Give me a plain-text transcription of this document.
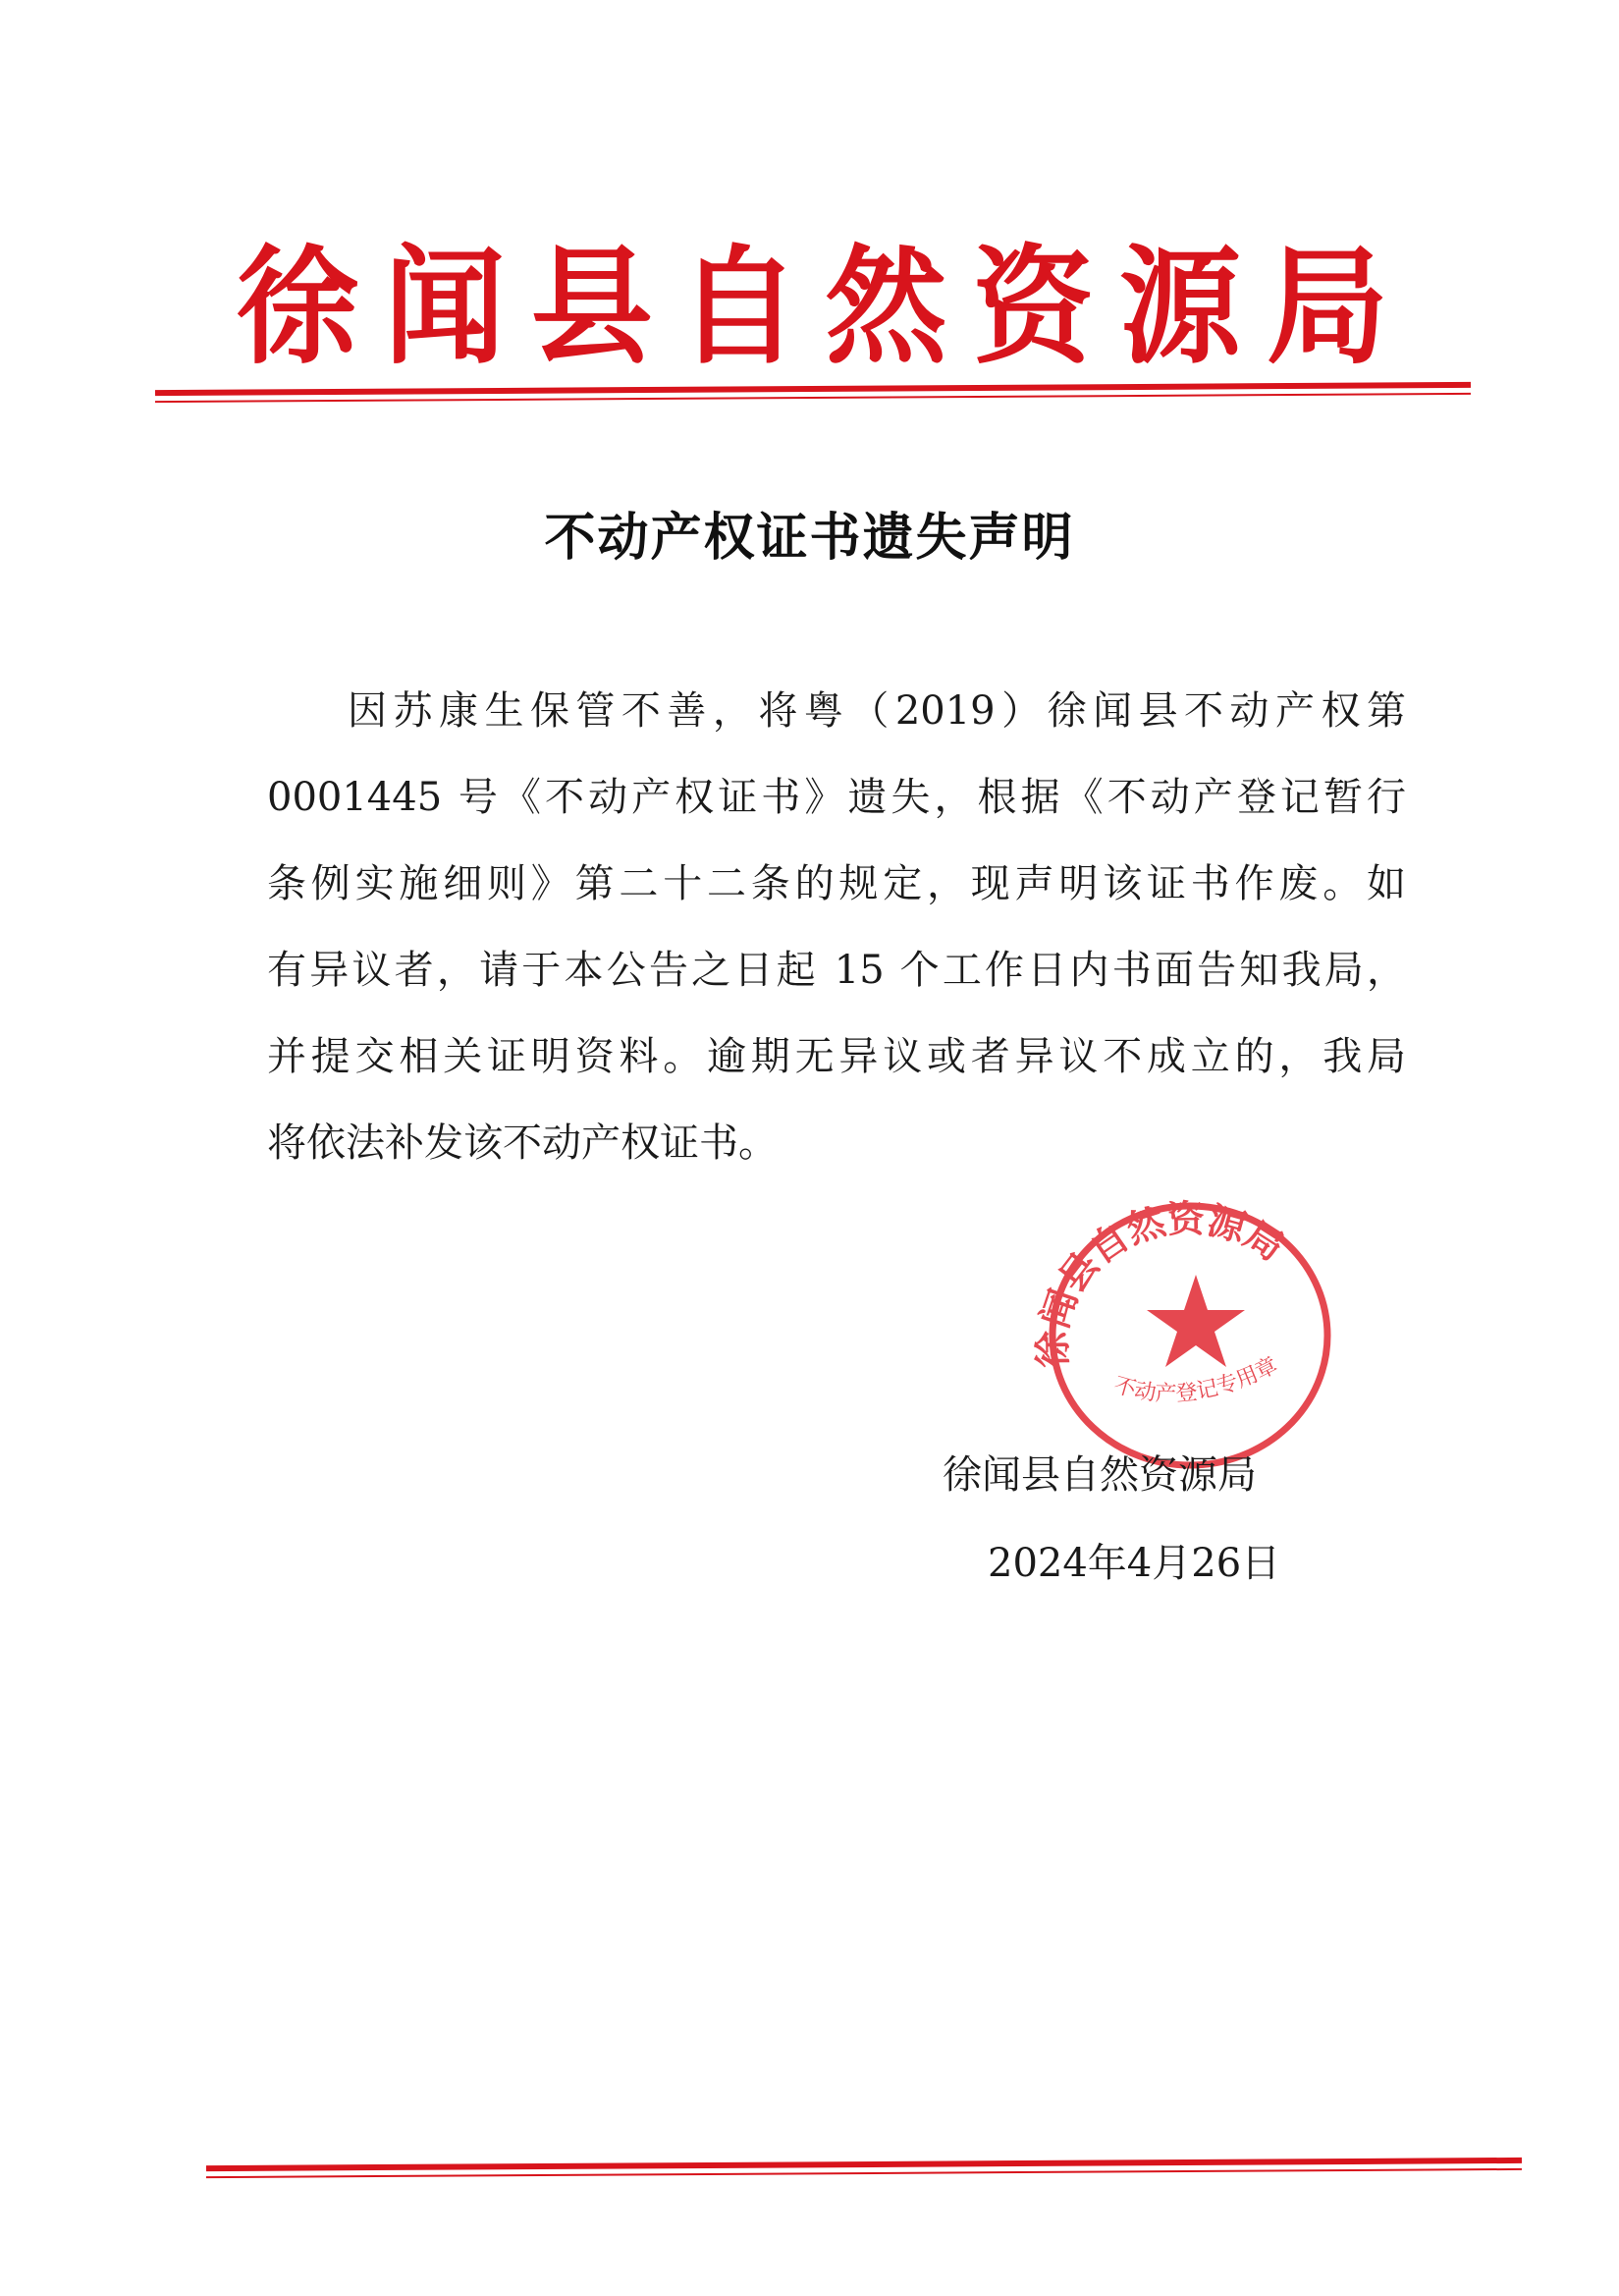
徐 闻 县 自 然 资 源 局
不动产权证书遗失声明
因苏康生保管不善，将粤（2019）徐闻县不动产权第
0001445 号《不动产权证书》遗失，根据《不动产登记暂行
条例实施细则》第二十二条的规定，现声明该证书作废。如
有异议者，请于本公告之日起 15 个工作日内书面告知我局，
并提交相关证明资料。逾期无异议或者异议不成立的，我局
将依法补发该不动产权证书。
徐闻县自然资源局
不动产登记专用章
徐闻县自然资源局
2024年4月26日
